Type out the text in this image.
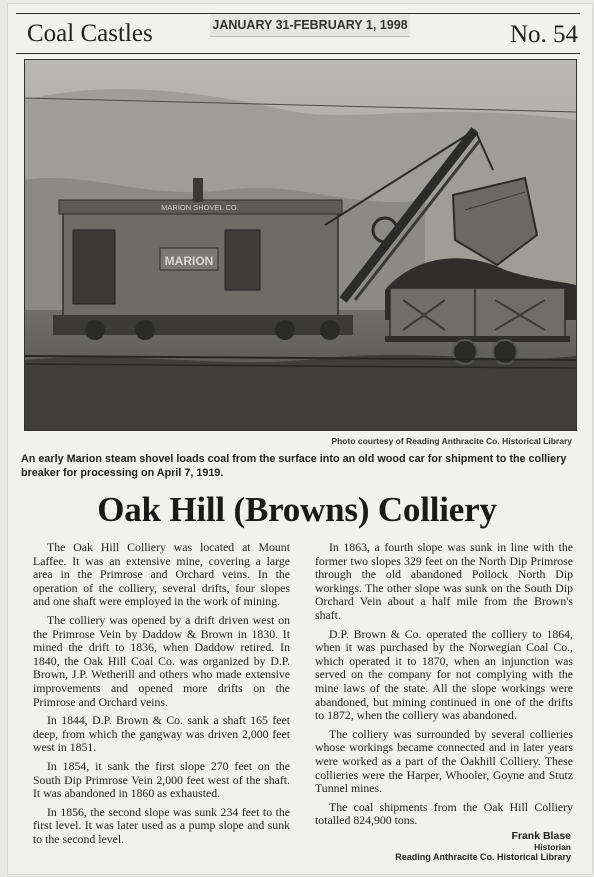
Coal Castles	JANUARY 31-FEBRUARY 1, 1998	No. 54
MARION
MARION SHOVEL CO.
Photo courtesy of Reading Anthracite Co. Historical Library
An early Marion steam shovel loads coal from the surface into an old wood car for shipment to the colliery breaker for processing on April 7, 1919.
Oak Hill (Browns) Colliery

The Oak Hill Colliery was located at Mount Laffee. It was an extensive mine, covering a large area in the Primrose and Orchard veins. In the operation of the colliery, several drifts, four slopes and one shaft were employed in the work of mining.

The colliery was opened by a drift driven west on the Primrose Vein by Daddow & Brown in 1830. It mined the drift to 1836, when Daddow retired. In 1840, the Oak Hill Coal Co. was organized by D.P. Brown, J.P. Wetherill and others who made extensive improvements and opened more drifts on the Primrose and Orchard veins.

In 1844, D.P. Brown & Co. sank a shaft 165 feet deep, from which the gangway was driven 2,000 feet west in 1851.

In 1854, it sank the first slope 270 feet on the South Dip Primrose Vein 2,000 feet west of the shaft. It was abandoned in 1860 as exhausted.

In 1856, the second slope was sunk 234 feet to the first level. It was later used as a pump slope and sunk to the second level.

In 1863, a fourth slope was sunk in line with the former two slopes 329 feet on the North Dip Primrose through the old abandoned Pollock North Dip workings. The other slope was sunk on the South Dip Orchard Vein about a half mile from the Brown's shaft.

D.P. Brown & Co. operated the colliery to 1864, when it was purchased by the Norwegian Coal Co., which operated it to 1870, when an injunction was served on the company for not complying with the mine laws of the state. All the slope workings were abandoned, but mining continued in one of the drifts to 1872, when the colliery was abandoned.

The colliery was surrounded by several collieries whose workings became connected and in later years were worked as a part of the Oakhill Colliery. These collieries were the Harper, Whooler, Goyne and Stutz Tunnel mines.

The coal shipments from the Oak Hill Colliery totalled 824,900 tons.

Frank Blase
Historian
Reading Anthracite Co. Historical Library
